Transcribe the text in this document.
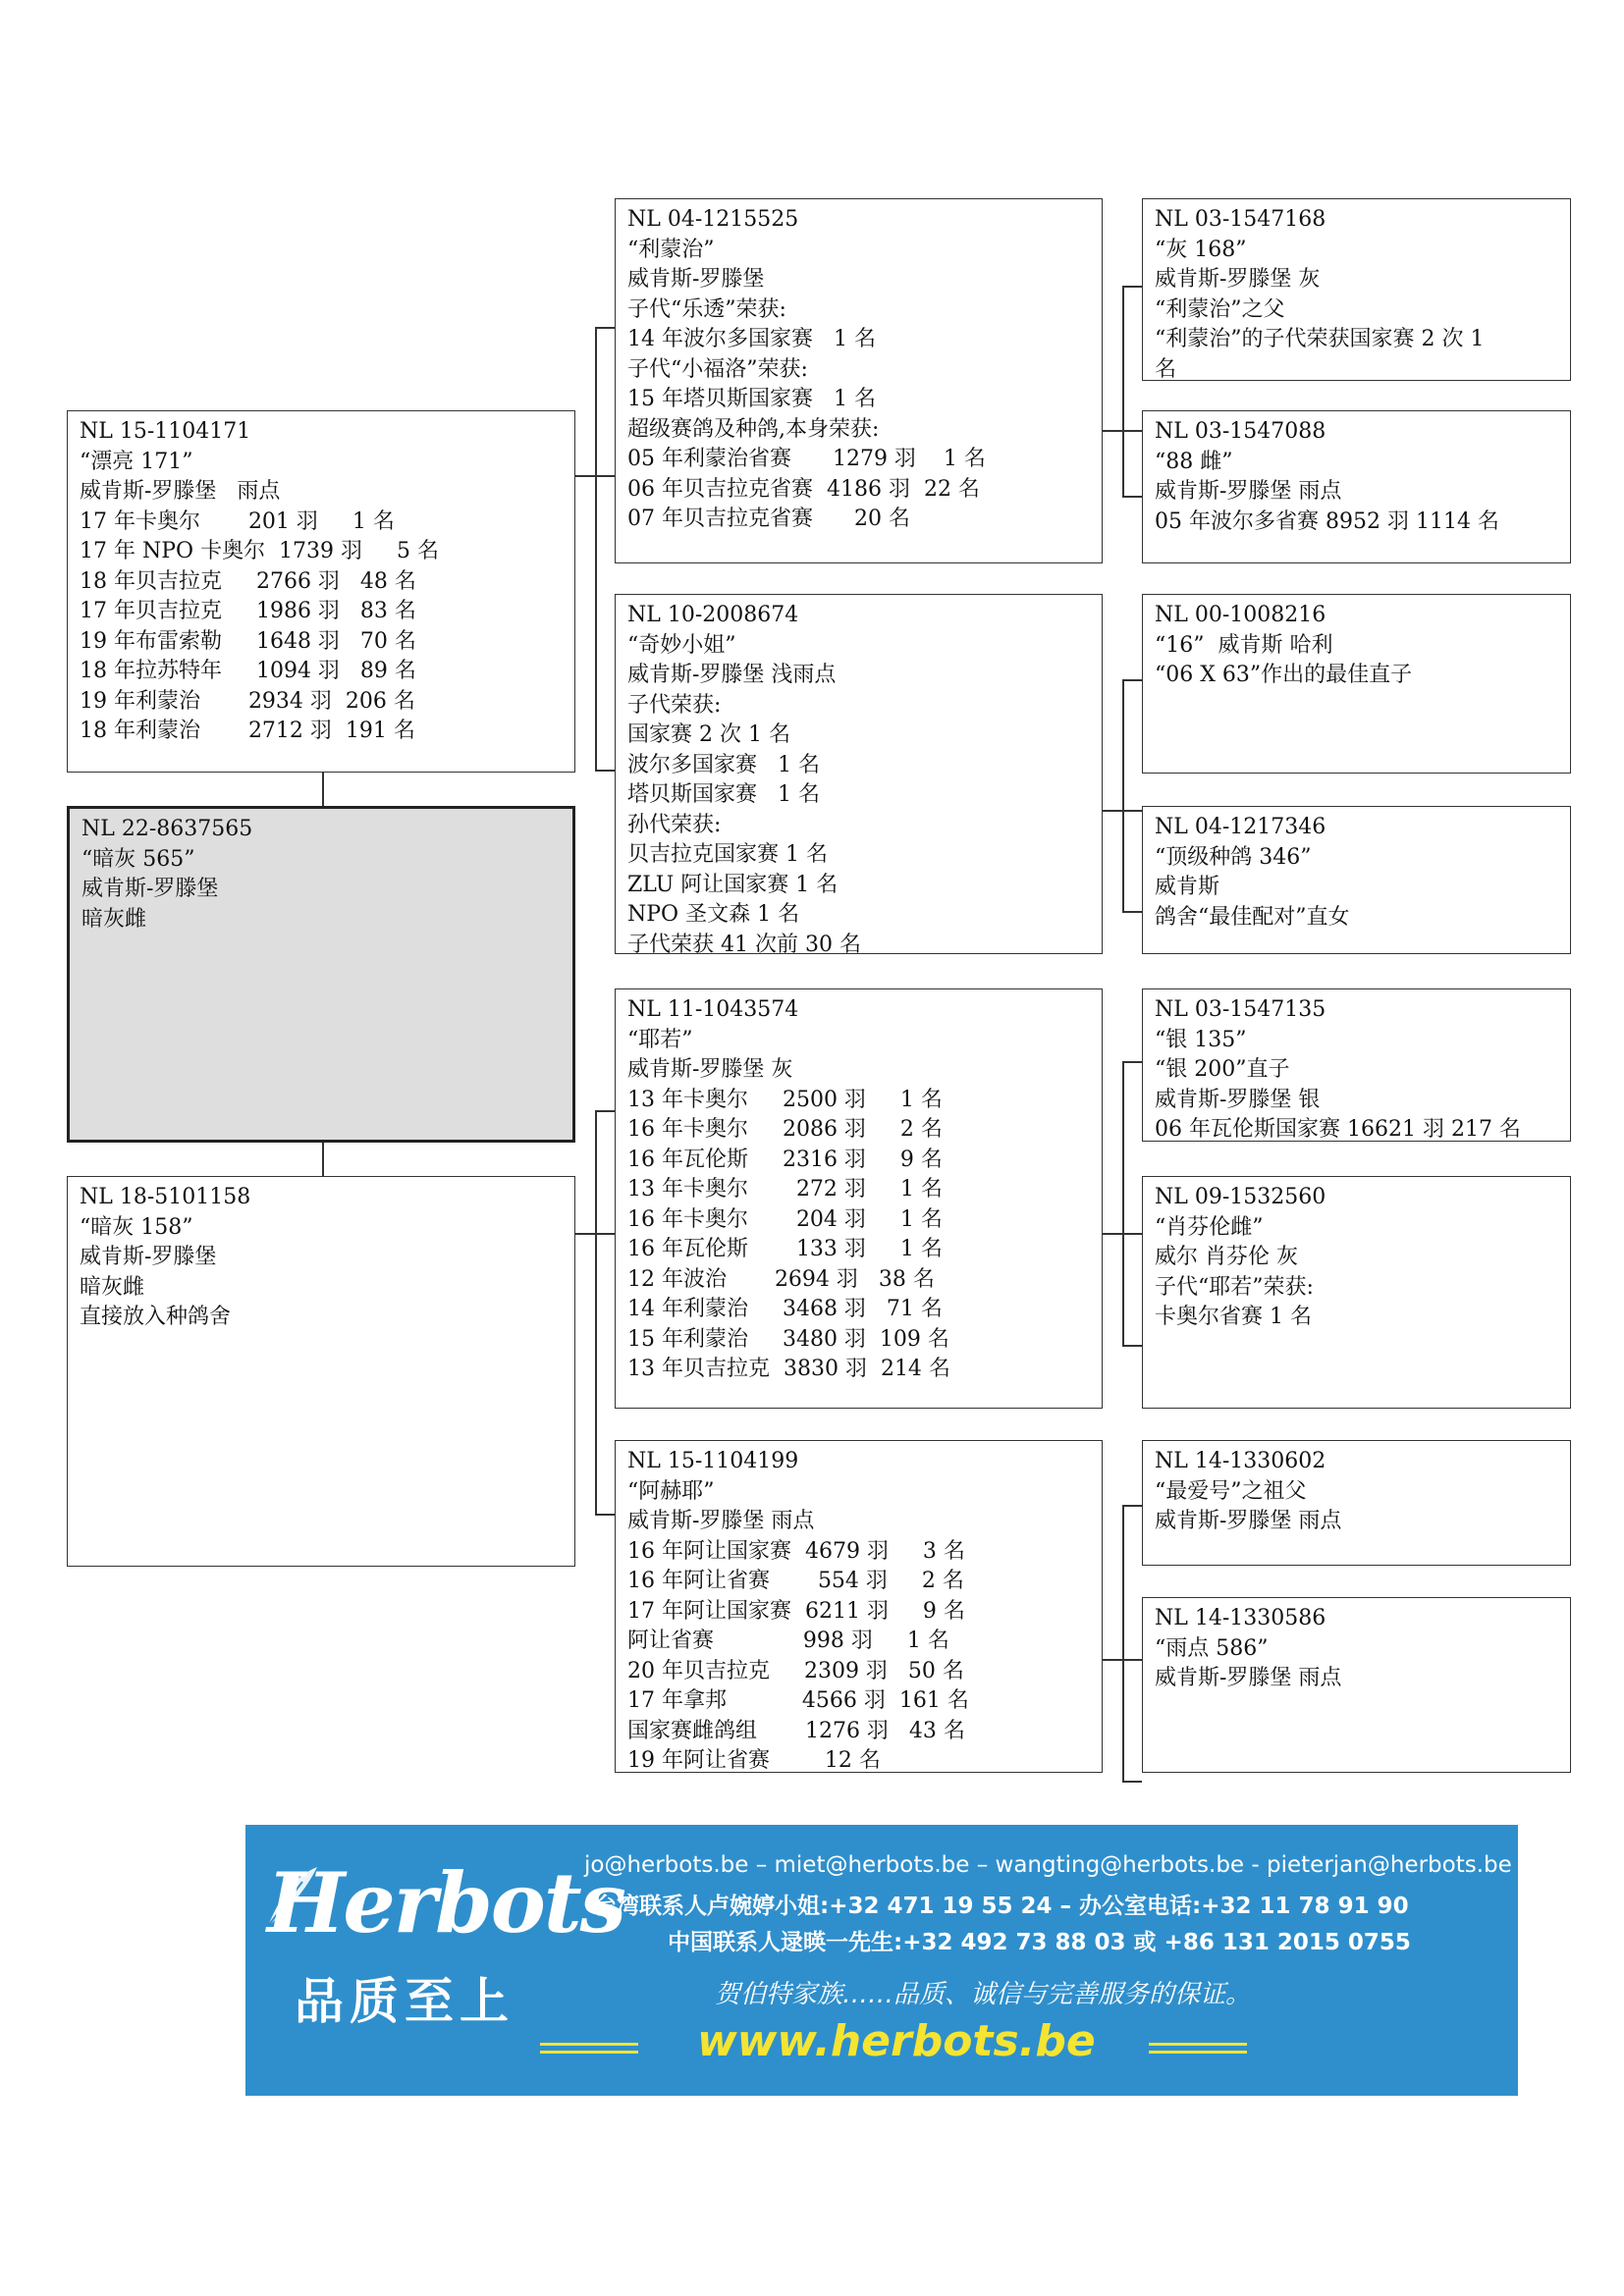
NL 15-1104171
“漂亮 171”
威肯斯-罗滕堡   雨点
17 年卡奥尔       201 羽     1 名
17 年 NPO 卡奥尔  1739 羽     5 名
18 年贝吉拉克     2766 羽   48 名
17 年贝吉拉克     1986 羽   83 名
19 年布雷索勒     1648 羽   70 名
18 年拉苏特年     1094 羽   89 名
19 年利蒙治       2934 羽  206 名
18 年利蒙治       2712 羽  191 名
NL 22-8637565
“暗灰 565”
威肯斯-罗滕堡
暗灰雌
NL 18-5101158
“暗灰 158”
威肯斯-罗滕堡
暗灰雌
直接放入种鸽舍
NL 04-1215525
“利蒙治”
威肯斯-罗滕堡
子代“乐透”荣获:
14 年波尔多国家赛   1 名
子代“小福洛”荣获:
15 年塔贝斯国家赛   1 名
超级赛鸽及种鸽,本身荣获:
05 年利蒙治省赛      1279 羽    1 名
06 年贝吉拉克省赛  4186 羽  22 名
07 年贝吉拉克省赛      20 名
NL 10-2008674
“奇妙小姐”
威肯斯-罗滕堡 浅雨点
子代荣获:
国家赛 2 次 1 名
波尔多国家赛   1 名
塔贝斯国家赛   1 名
孙代荣获:
贝吉拉克国家赛 1 名
ZLU 阿让国家赛 1 名
NPO 圣文森 1 名
子代荣获 41 次前 30 名
NL 11-1043574
“耶若”
威肯斯-罗滕堡 灰
13 年卡奥尔     2500 羽     1 名
16 年卡奥尔     2086 羽     2 名
16 年瓦伦斯     2316 羽     9 名
13 年卡奥尔       272 羽     1 名
16 年卡奥尔       204 羽     1 名
16 年瓦伦斯       133 羽     1 名
12 年波治       2694 羽   38 名
14 年利蒙治     3468 羽   71 名
15 年利蒙治     3480 羽  109 名
13 年贝吉拉克  3830 羽  214 名
NL 15-1104199
“阿赫耶”
威肯斯-罗滕堡 雨点
16 年阿让国家赛  4679 羽     3 名
16 年阿让省赛       554 羽     2 名
17 年阿让国家赛  6211 羽     9 名
阿让省赛             998 羽     1 名
20 年贝吉拉克     2309 羽   50 名
17 年拿邦           4566 羽  161 名
国家赛雌鸽组       1276 羽   43 名
19 年阿让省赛        12 名
NL 03-1547168
“灰 168”
威肯斯-罗滕堡 灰
“利蒙治”之父
“利蒙治”的子代荣获国家赛 2 次 1
名
NL 03-1547088
“88 雌”
威肯斯-罗滕堡 雨点
05 年波尔多省赛 8952 羽 1114 名
NL 00-1008216
“16”  威肯斯 哈利
“06 X 63”作出的最佳直子
NL 04-1217346
“顶级种鸽 346”
威肯斯
鸽舍“最佳配对”直女
NL 03-1547135
“银 135”
“银 200”直子
威肯斯-罗滕堡 银
06 年瓦伦斯国家赛 16621 羽 217 名
NL 09-1532560
“肖芬伦雌”
威尔 肖芬伦 灰
子代“耶若”荣获:
卡奥尔省赛 1 名
NL 14-1330602
“最爱号”之祖父
威肯斯-罗滕堡 雨点
NL 14-1330586
“雨点 586”
威肯斯-罗滕堡 雨点
Herbots
品质至上
jo@herbots.be – miet@herbots.be – wangting@herbots.be - pieterjan@herbots.be
台湾联系人卢婉婷小姐:+32 471 19 55 24 – 办公室电话:+32 11 78 91 90
中国联系人逯暎一先生:+32 492 73 88 03 或 +86 131 2015 0755
贺伯特家族……品质、诚信与完善服务的保证。
www.herbots.be
